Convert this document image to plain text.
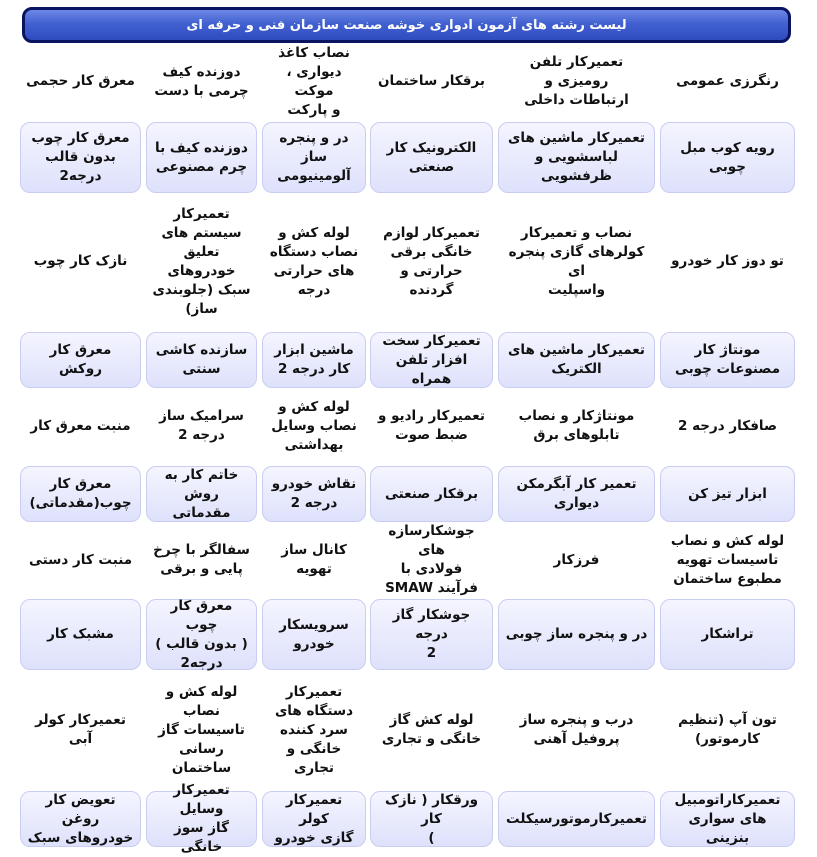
لیست رشته های آزمون ادواری خوشه صنعت سازمان فنی و حرفه ای
رنگرزی عمومی
تعمیرکار تلفن رومیزی و
ارتباطات داخلی
برقکار ساختمان
نصاب کاغذ
دیواری ، موکت
و پارکت
دوزنده کیف
چرمی با دست
معرق کار حجمی
رویه کوب مبل
چوبی
تعمیرکار ماشین های
لباسشویی و ظرفشویی
الکترونیک کار
صنعتی
در و پنجره ساز
آلومینیومی
دوزنده کیف با
چرم مصنوعی
معرق کار چوب
بدون قالب
درجه2
تو دوز کار خودرو
نصاب و تعمیرکار
کولرهای گازی پنجره ای
واسپلیت
تعمیرکار لوازم
خانگی برقی
حرارتی و گردنده
لوله کش و
نصاب دستگاه
های حرارتی
درجه
تعمیرکار
سیستم های
تعلیق
خودروهای
سبک (جلوبندی
ساز)
نازک کار چوب
مونتاژ کار
مصنوعات چوبی
تعمیرکار ماشین های
الکتریک
تعمیرکار سخت
افزار تلفن همراه
ماشین ابزار
کار درجه 2
سازنده کاشی
سنتی
معرق کار روکش
صافکار درجه 2
مونتاژکار و نصاب
تابلوهای برق
تعمیرکار رادیو و
ضبط صوت
لوله کش و
نصاب وسایل
بهداشتی
سرامیک ساز
درجه 2
منبت معرق کار
ابزار تیز کن
تعمیر کار آبگرمکن
دیواری
برقکار صنعتی
نقاش خودرو
درجه 2
خاتم کار به
روش مقدماتی
معرق کار
چوب(مقدماتی)
لوله کش و نصاب
تاسیسات تهویه
مطبوع ساختمان
فرزکار
جوشکارسازه های
فولادی با
فرآیند SMAW
کانال ساز
تهویه
سفالگر با چرخ
پایی و برقی
منبت کار دستی
تراشکار
در و پنجره ساز چوبی
جوشکار گاز درجه
2
سرویسکار
خودرو
معرق کار چوب
( بدون قالب )
درجه2
مشبک کار
تون آپ (تنظیم
کارموتور)
درب و پنجره ساز
پروفیل آهنی
لوله کش گاز
خانگی و تجاری
تعمیرکار
دستگاه های
سرد کننده
خانگی و تجاری
لوله کش و
نصاب
تاسیسات گاز
رسانی
ساختمان
تعمیرکار کولر آبی
تعمیرکاراتومبیل
های سواری بنزینی
تعمیرکارموتورسیکلت
ورقکار ( نازک کار
)
تعمیرکار کولر
گازی خودرو
تعمیرکار وسایل
گاز سوز خانگی
تعویض کار روغن
خودروهای سبک
